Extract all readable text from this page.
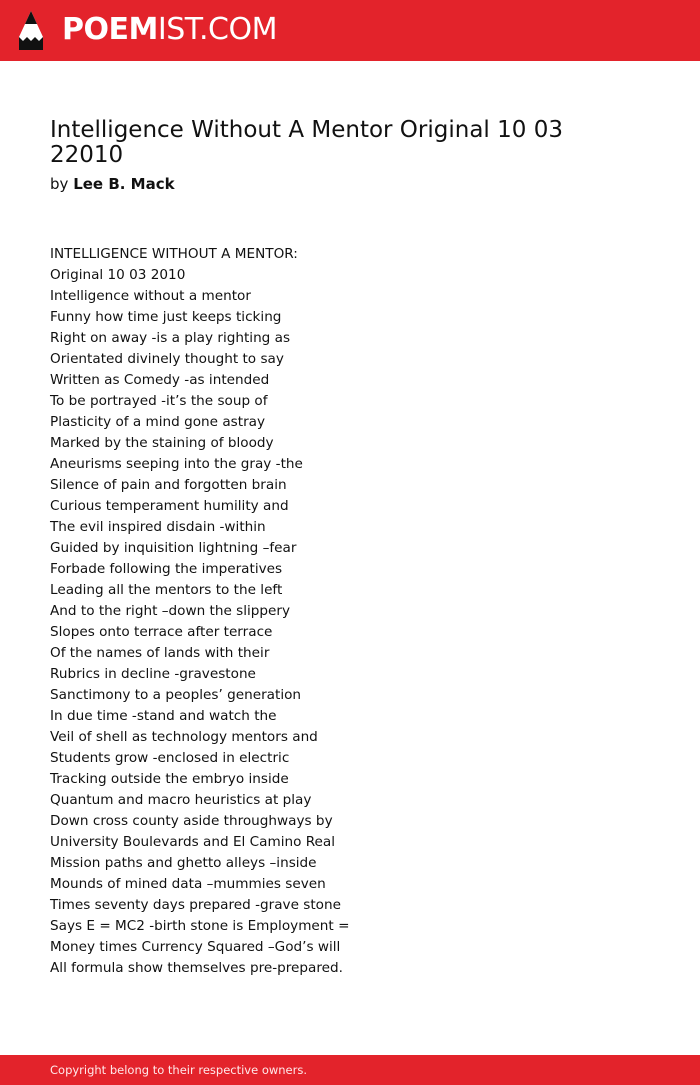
POEMIST.COM
Intelligence Without A Mentor Original 10 03 22010
by Lee B. Mack
INTELLIGENCE WITHOUT A MENTOR:
Original 10 03 2010
Intelligence without a mentor
Funny how time just keeps ticking
Right on away -is a play righting as
Orientated divinely thought to say
Written as Comedy -as intended
To be portrayed -it’s the soup of
Plasticity of a mind gone astray
Marked by the staining of bloody
Aneurisms seeping into the gray -the
Silence of pain and forgotten brain
Curious temperament humility and
The evil inspired disdain -within
Guided by inquisition lightning –fear
Forbade following the imperatives
Leading all the mentors to the left
And to the right –down the slippery
Slopes onto terrace after terrace
Of the names of lands with their
Rubrics in decline -gravestone
Sanctimony to a peoples’ generation
In due time -stand and watch the
Veil of shell as technology mentors and
Students grow -enclosed in electric
Tracking outside the embryo inside
Quantum and macro heuristics at play
Down cross county aside throughways by
University Boulevards and El Camino Real
Mission paths and ghetto alleys –inside
Mounds of mined data –mummies seven
Times seventy days prepared -grave stone
Says E = MC2 -birth stone is Employment =
Money times Currency Squared –God’s will
All formula show themselves pre-prepared.
Copyright belong to their respective owners.
